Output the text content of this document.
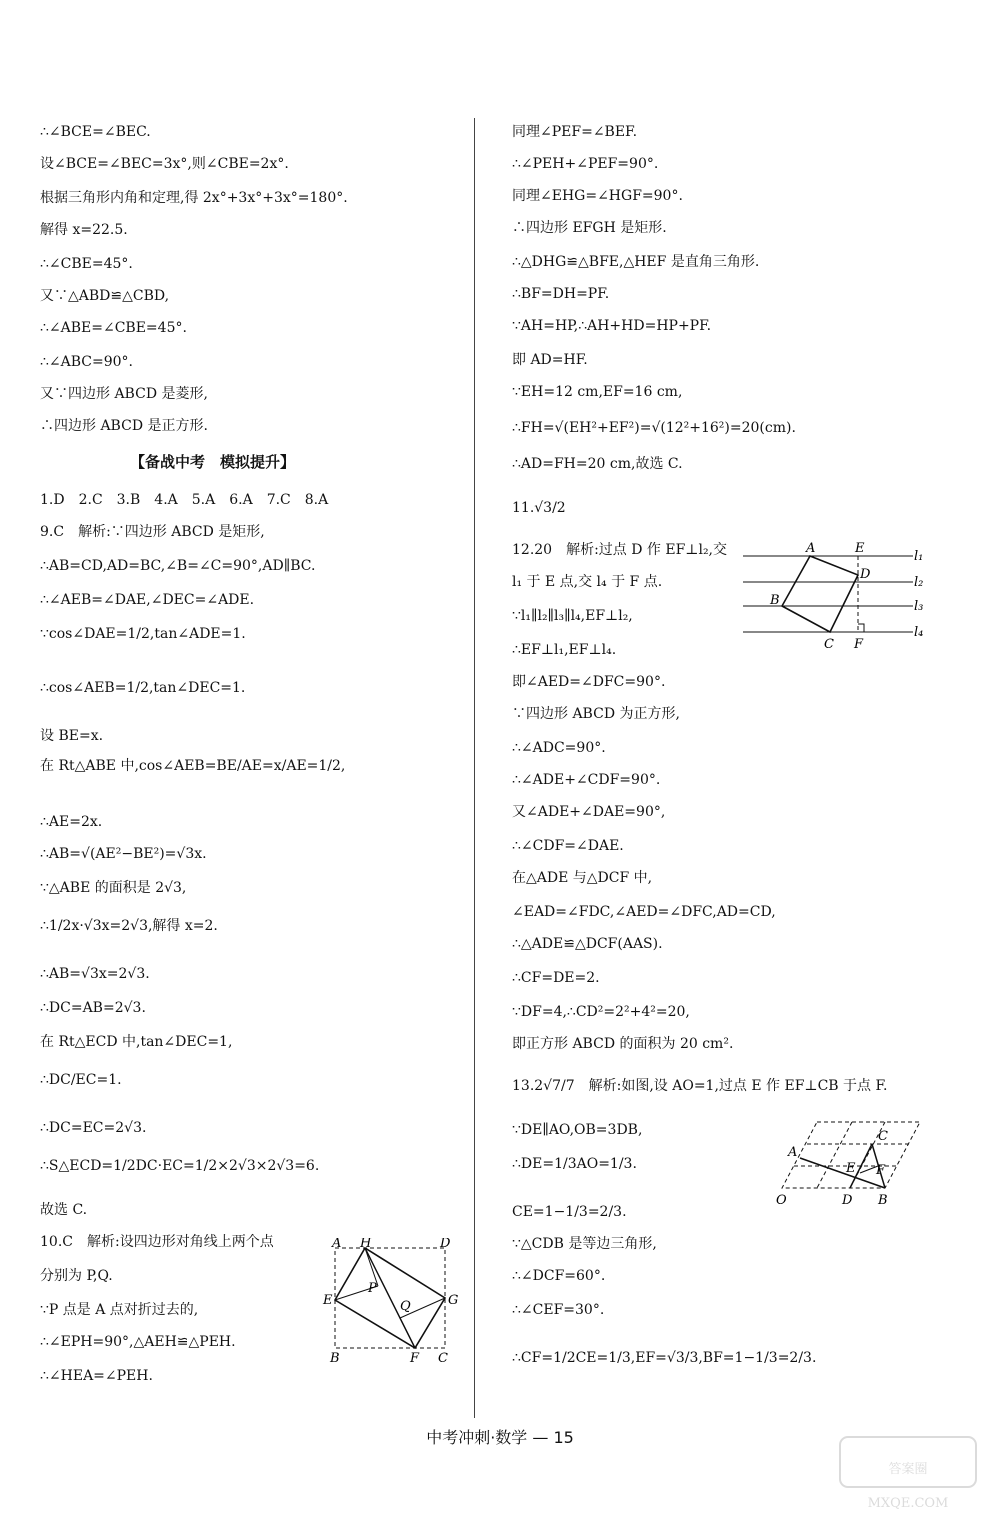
∴∠BCE=∠BEC.
设∠BCE=∠BEC=3x°,则∠CBE=2x°.
根据三角形内角和定理,得 2x°+3x°+3x°=180°.
解得 x=22.5.
∴∠CBE=45°.
又∵△ABD≌△CBD,
∴∠ABE=∠CBE=45°.
∴∠ABC=90°.
又∵四边形 ABCD 是菱形,
∴四边形 ABCD 是正方形.
【备战中考　模拟提升】
1.D　2.C　3.B　4.A　5.A　6.A　7.C　8.A
9.C　解析:∵四边形 ABCD 是矩形,
∴AB=CD,AD=BC,∠B=∠C=90°,AD∥BC.
∴∠AEB=∠DAE,∠DEC=∠ADE.
∵cos∠DAE=1/2,tan∠ADE=1.
∴cos∠AEB=1/2,tan∠DEC=1.
设 BE=x.
在 Rt△ABE 中,cos∠AEB=BE/AE=x/AE=1/2,
∴AE=2x.
∴AB=√(AE²−BE²)=√3x.
∵△ABE 的面积是 2√3,
∴1/2x·√3x=2√3,解得 x=2.
∴AB=√3x=2√3.
∴DC=AB=2√3.
在 Rt△ECD 中,tan∠DEC=1,
∴DC/EC=1.
∴DC=EC=2√3.
∴S△ECD=1/2DC·EC=1/2×2√3×2√3=6.
故选 C.
10.C　解析:设四边形对角线上两个点
分别为 P,Q.
∵P 点是 A 点对折过去的,
∴∠EPH=90°,△AEH≌△PEH.
∴∠HEA=∠PEH.
同理∠PEF=∠BEF.
∴∠PEH+∠PEF=90°.
同理∠EHG=∠HGF=90°.
∴四边形 EFGH 是矩形.
∴△DHG≌△BFE,△HEF 是直角三角形.
∴BF=DH=PF.
∵AH=HP,∴AH+HD=HP+PF.
即 AD=HF.
∵EH=12 cm,EF=16 cm,
∴FH=√(EH²+EF²)=√(12²+16²)=20(cm).
∴AD=FH=20 cm,故选 C.
11.√3/2
12.20　解析:过点 D 作 EF⊥l₂,交
l₁ 于 E 点,交 l₄ 于 F 点.
∵l₁∥l₂∥l₃∥l₄,EF⊥l₂,
∴EF⊥l₁,EF⊥l₄.
即∠AED=∠DFC=90°.
∵四边形 ABCD 为正方形,
∴∠ADC=90°.
∴∠ADE+∠CDF=90°.
又∠ADE+∠DAE=90°,
∴∠CDF=∠DAE.
在△ADE 与△DCF 中,
∠EAD=∠FDC,∠AED=∠DFC,AD=CD,
∴△ADE≌△DCF(AAS).
∴CF=DE=2.
∵DF=4,∴CD²=2²+4²=20,
即正方形 ABCD 的面积为 20 cm².
13.2√7/7　解析:如图,设 AO=1,过点 E 作 EF⊥CB 于点 F.
∵DE∥AO,OB=3DB,
∴DE=1/3AO=1/3.
CE=1−1/3=2/3.
∵△CDB 是等边三角形,
∴∠DCF=60°.
∴∠CEF=30°.
∴CF=1/2CE=1/3,EF=√3/3,BF=1−1/3=2/3.
A H	D
E
P
Q	G
B	F C
A	E
l₁
D
l₂
B	l₃
C F
l₄
A
C
E F
O	D B
中考冲刺·数学 — 15
答案圈
MXQE.COM
